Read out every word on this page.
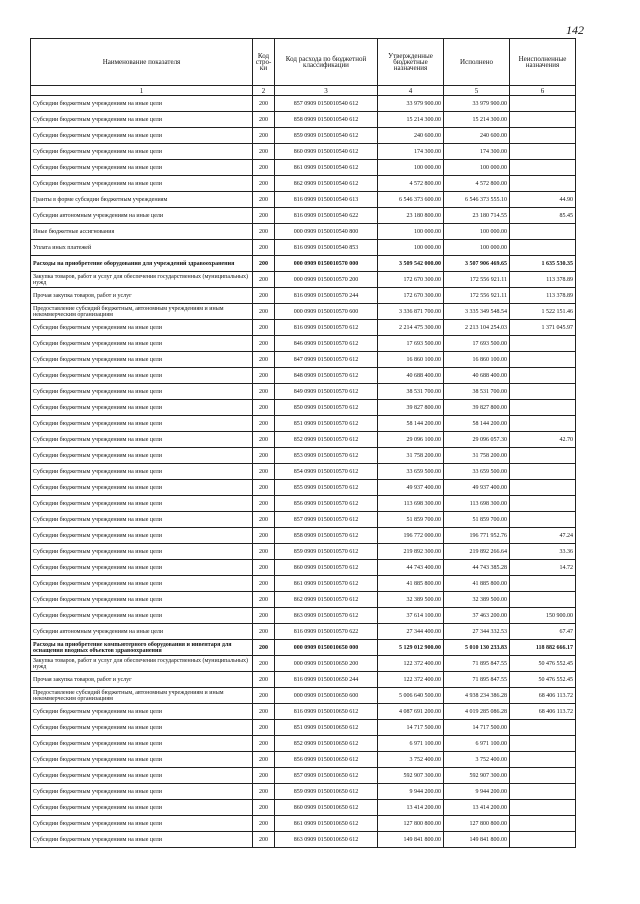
142
Наименование показателя	Код стро-ки	Код расхода по бюджетной классификации	Утвержденные бюджетные назначения	Исполнено	Неисполненные назначения
1	2	3	4	5	6
Субсидии бюджетным учреждениям на иные цели	200	857 0909 0150010540 612	33 979 900.00	33 979 900.00	
Субсидии бюджетным учреждениям на иные цели	200	858 0909 0150010540 612	15 214 300.00	15 214 300.00	
Субсидии бюджетным учреждениям на иные цели	200	859 0909 0150010540 612	240 600.00	240 600.00	
Субсидии бюджетным учреждениям на иные цели	200	860 0909 0150010540 612	174 300.00	174 300.00	
Субсидии бюджетным учреждениям на иные цели	200	861 0909 0150010540 612	100 000.00	100 000.00	
Субсидии бюджетным учреждениям на иные цели	200	862 0909 0150010540 612	4 572 800.00	4 572 800.00	
Гранты в форме субсидии бюджетным учреждениям	200	816 0909 0150010540 613	6 546 373 600.00	6 546 373 555.10	44.90
Субсидии автономным учреждениям на иные цели	200	816 0909 0150010540 622	23 180 800.00	23 180 714.55	85.45
Иные бюджетные ассигнования	200	000 0909 0150010540 800	100 000.00	100 000.00	
Уплата иных платежей	200	816 0909 0150010540 853	100 000.00	100 000.00	
Расходы на приобретение оборудования для учреждений здравоохранения	200	000 0909 0150010570 000	3 509 542 000.00	3 507 906 469.65	1 635 530.35
Закупка товаров, работ и услуг для обеспечения государственных (муниципальных) нужд	200	000 0909 0150010570 200	172 670 300.00	172 556 921.11	113 378.89
Прочая закупка товаров, работ и услуг	200	816 0909 0150010570 244	172 670 300.00	172 556 921.11	113 378.89
Предоставление субсидий бюджетным, автономным учреждениям и иным некоммерческим организациям	200	000 0909 0150010570 600	3 336 871 700.00	3 335 349 548.54	1 522 151.46
Субсидии бюджетным учреждениям на иные цели	200	816 0909 0150010570 612	2 214 475 300.00	2 213 104 254.03	1 371 045.97
Субсидии бюджетным учреждениям на иные цели	200	846 0909 0150010570 612	17 693 500.00	17 693 500.00	
Субсидии бюджетным учреждениям на иные цели	200	847 0909 0150010570 612	16 860 100.00	16 860 100.00	
Субсидии бюджетным учреждениям на иные цели	200	848 0909 0150010570 612	40 688 400.00	40 688 400.00	
Субсидии бюджетным учреждениям на иные цели	200	849 0909 0150010570 612	38 531 700.00	38 531 700.00	
Субсидии бюджетным учреждениям на иные цели	200	850 0909 0150010570 612	39 827 800.00	39 827 800.00	
Субсидии бюджетным учреждениям на иные цели	200	851 0909 0150010570 612	58 144 200.00	58 144 200.00	
Субсидии бюджетным учреждениям на иные цели	200	852 0909 0150010570 612	29 096 100.00	29 096 057.30	42.70
Субсидии бюджетным учреждениям на иные цели	200	853 0909 0150010570 612	31 758 200.00	31 758 200.00	
Субсидии бюджетным учреждениям на иные цели	200	854 0909 0150010570 612	33 659 500.00	33 659 500.00	
Субсидии бюджетным учреждениям на иные цели	200	855 0909 0150010570 612	49 937 400.00	49 937 400.00	
Субсидии бюджетным учреждениям на иные цели	200	856 0909 0150010570 612	113 698 300.00	113 698 300.00	
Субсидии бюджетным учреждениям на иные цели	200	857 0909 0150010570 612	51 859 700.00	51 859 700.00	
Субсидии бюджетным учреждениям на иные цели	200	858 0909 0150010570 612	196 772 000.00	196 771 952.76	47.24
Субсидии бюджетным учреждениям на иные цели	200	859 0909 0150010570 612	219 892 300.00	219 892 266.64	33.36
Субсидии бюджетным учреждениям на иные цели	200	860 0909 0150010570 612	44 743 400.00	44 743 385.28	14.72
Субсидии бюджетным учреждениям на иные цели	200	861 0909 0150010570 612	41 885 800.00	41 885 800.00	
Субсидии бюджетным учреждениям на иные цели	200	862 0909 0150010570 612	32 389 500.00	32 389 500.00	
Субсидии бюджетным учреждениям на иные цели	200	863 0909 0150010570 612	37 614 100.00	37 463 200.00	150 900.00
Субсидии автономным учреждениям на иные цели	200	816 0909 0150010570 622	27 344 400.00	27 344 332.53	67.47
Расходы на приобретение компьютерного оборудования и инвентаря для оснащения вводных объектов здравоохранения	200	000 0909 0150010650 000	5 129 012 900.00	5 010 130 233.83	118 882 666.17
Закупка товаров, работ и услуг для обеспечения государственных (муниципальных) нужд	200	000 0909 0150010650 200	122 372 400.00	71 895 847.55	50 476 552.45
Прочая закупка товаров, работ и услуг	200	816 0909 0150010650 244	122 372 400.00	71 895 847.55	50 476 552.45
Предоставление субсидий бюджетным, автономным учреждениям и иным некоммерческим организациям	200	000 0909 0150010650 600	5 006 640 500.00	4 938 234 386.28	68 406 113.72
Субсидии бюджетным учреждениям на иные цели	200	816 0909 0150010650 612	4 087 691 200.00	4 019 285 086.28	68 406 113.72
Субсидии бюджетным учреждениям на иные цели	200	851 0909 0150010650 612	14 717 500.00	14 717 500.00	
Субсидии бюджетным учреждениям на иные цели	200	852 0909 0150010650 612	6 971 100.00	6 971 100.00	
Субсидии бюджетным учреждениям на иные цели	200	856 0909 0150010650 612	3 752 400.00	3 752 400.00	
Субсидии бюджетным учреждениям на иные цели	200	857 0909 0150010650 612	592 907 300.00	592 907 300.00	
Субсидии бюджетным учреждениям на иные цели	200	859 0909 0150010650 612	9 944 200.00	9 944 200.00	
Субсидии бюджетным учреждениям на иные цели	200	860 0909 0150010650 612	13 414 200.00	13 414 200.00	
Субсидии бюджетным учреждениям на иные цели	200	861 0909 0150010650 612	127 800 800.00	127 800 800.00	
Субсидии бюджетным учреждениям на иные цели	200	863 0909 0150010650 612	149 841 800.00	149 841 800.00	
